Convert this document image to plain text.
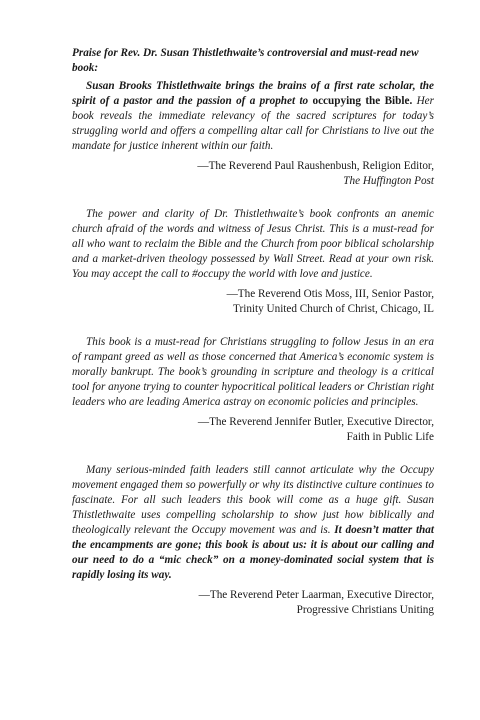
Praise for Rev. Dr. Susan Thistlethwaite’s controversial and must-read new book:

Susan Brooks Thistlethwaite brings the brains of a first rate scholar, the spirit of a pastor and the passion of a prophet to occupying the Bible. Her book reveals the immediate relevancy of the sacred scriptures for today’s struggling world and offers a compelling altar call for Christians to live out the mandate for justice inherent within our faith.

—The Reverend Paul Raushenbush, Religion Editor,
The Huffington Post

The power and clarity of Dr. Thistlethwaite’s book confronts an anemic church afraid of the words and witness of Jesus Christ. This is a must-read for all who want to reclaim the Bible and the Church from poor biblical scholarship and a market-driven theology possessed by Wall Street. Read at your own risk. You may accept the call to #occupy the world with love and justice.

—The Reverend Otis Moss, III, Senior Pastor,
Trinity United Church of Christ, Chicago, IL

This book is a must-read for Christians struggling to follow Jesus in an era of rampant greed as well as those concerned that America’s economic system is morally bankrupt. The book’s grounding in scripture and theology is a critical tool for anyone trying to counter hypocritical political leaders or Christian right leaders who are leading America astray on economic policies and principles.

—The Reverend Jennifer Butler, Executive Director,
Faith in Public Life

Many serious-minded faith leaders still cannot articulate why the Occupy movement engaged them so powerfully or why its distinctive culture continues to fascinate. For all such leaders this book will come as a huge gift. Susan Thistlethwaite uses compelling scholarship to show just how biblically and theologically relevant the Occupy movement was and is. It doesn’t matter that the encampments are gone; this book is about us: it is about our calling and our need to do a “mic check” on a money-dominated social system that is rapidly losing its way.

—The Reverend Peter Laarman, Executive Director,
Progressive Christians Uniting
